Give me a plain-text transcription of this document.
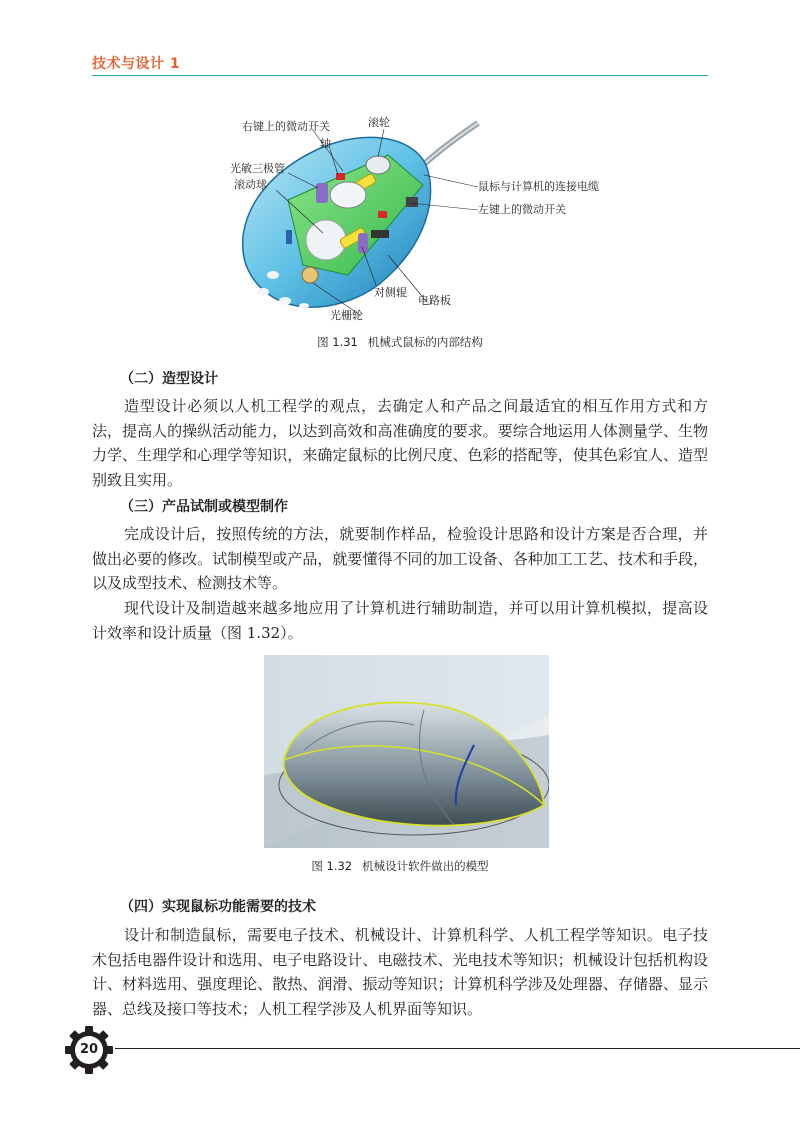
技术与设计 1
右键上的微动开关	滚轮
轴
光敏三极管
滚动球	鼠标与计算机的连接电缆
左键上的微动开关
对侧辊
电路板
光栅轮
图 1.31 机械式鼠标的内部结构
（二）造型设计

造型设计必须以人机工程学的观点，去确定人和产品之间最适宜的相互作用方式和方法，提高人的操纵活动能力，以达到高效和高准确度的要求。要综合地运用人体测量学、生物力学、生理学和心理学等知识，来确定鼠标的比例尺度、色彩的搭配等，使其色彩宜人、造型别致且实用。

（三）产品试制或模型制作

完成设计后，按照传统的方法，就要制作样品，检验设计思路和设计方案是否合理，并做出必要的修改。试制模型或产品，就要懂得不同的加工设备、各种加工工艺、技术和手段，以及成型技术、检测技术等。

现代设计及制造越来越多地应用了计算机进行辅助制造，并可以用计算机模拟，提高设计效率和设计质量（图 1.32）。

图 1.32 机械设计软件做出的模型
（四）实现鼠标功能需要的技术

设计和制造鼠标，需要电子技术、机械设计、计算机科学、人机工程学等知识。电子技术包括电器件设计和选用、电子电路设计、电磁技术、光电技术等知识；机械设计包括机构设计、材料选用、强度理论、散热、润滑、振动等知识；计算机科学涉及处理器、存储器、显示器、总线及接口等技术；人机工程学涉及人机界面等知识。

20
